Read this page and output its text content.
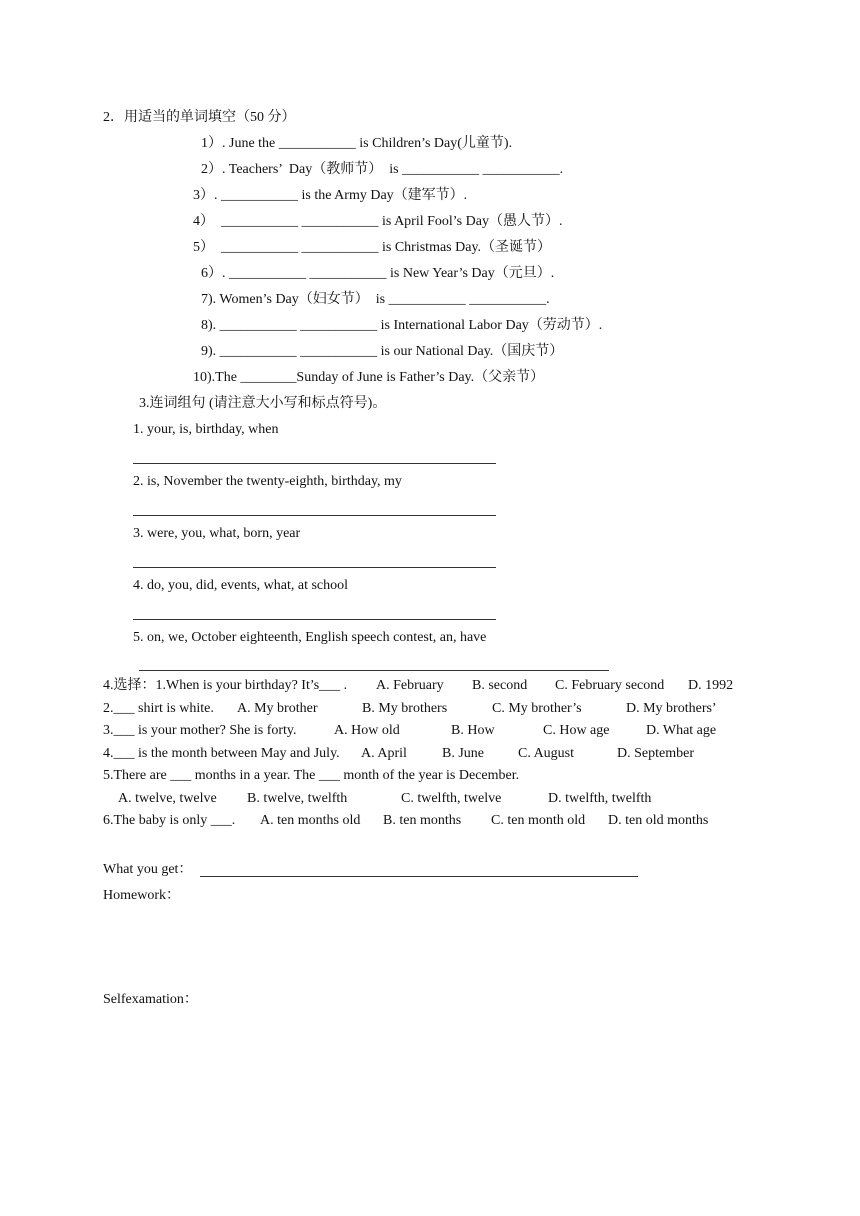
2．用适当的单词填空（50 分）
1）. June the ___________ is Children’s Day(儿童节).
2）. Teachers’  Day（教师节）  is ___________ ___________.
3）. ___________ is the Army Day（建军节）.
4）  ___________ ___________ is April Fool’s Day（愚人节）.
5）  ___________ ___________ is Christmas Day.（圣诞节）
6）. ___________ ___________ is New Year’s Day（元旦）.
7). Women’s Day（妇女节）  is ___________ ___________.
8). ___________ ___________ is International Labor Day（劳动节）.
9). ___________ ___________ is our National Day.（国庆节）
10).The ________Sunday of June is Father’s Day.（父亲节）
3.连词组句 (请注意大小写和标点符号)。
1. your, is, birthday, when
2. is, November the twenty-eighth, birthday, my
3. were, you, what, born, year
4. do, you, did, events, what, at school
5. on, we, October eighteenth, English speech contest, an, have
4.选择：1.When is your birthday? It’s___ . A. February B. second C. February second D. 1992
2.___ shirt is white. A. My brother	B. My brothers	C. My brother’s	D. My brothers’
3.___ is your mother? She is forty.	A. How old	B. How	C. How age	D. What age
4.___ is the month between May and July. A. April	B. June C. August	D. September
5.There are ___ months in a year. The ___ month of the year is December.
A. twelve, twelve B. twelve, twelfth	C. twelfth, twelve	D. twelfth, twelfth
6.The baby is only ___. A. ten months old B. ten months C. ten month old D. ten old months
What you get：
Homework：
Selfexamation：
